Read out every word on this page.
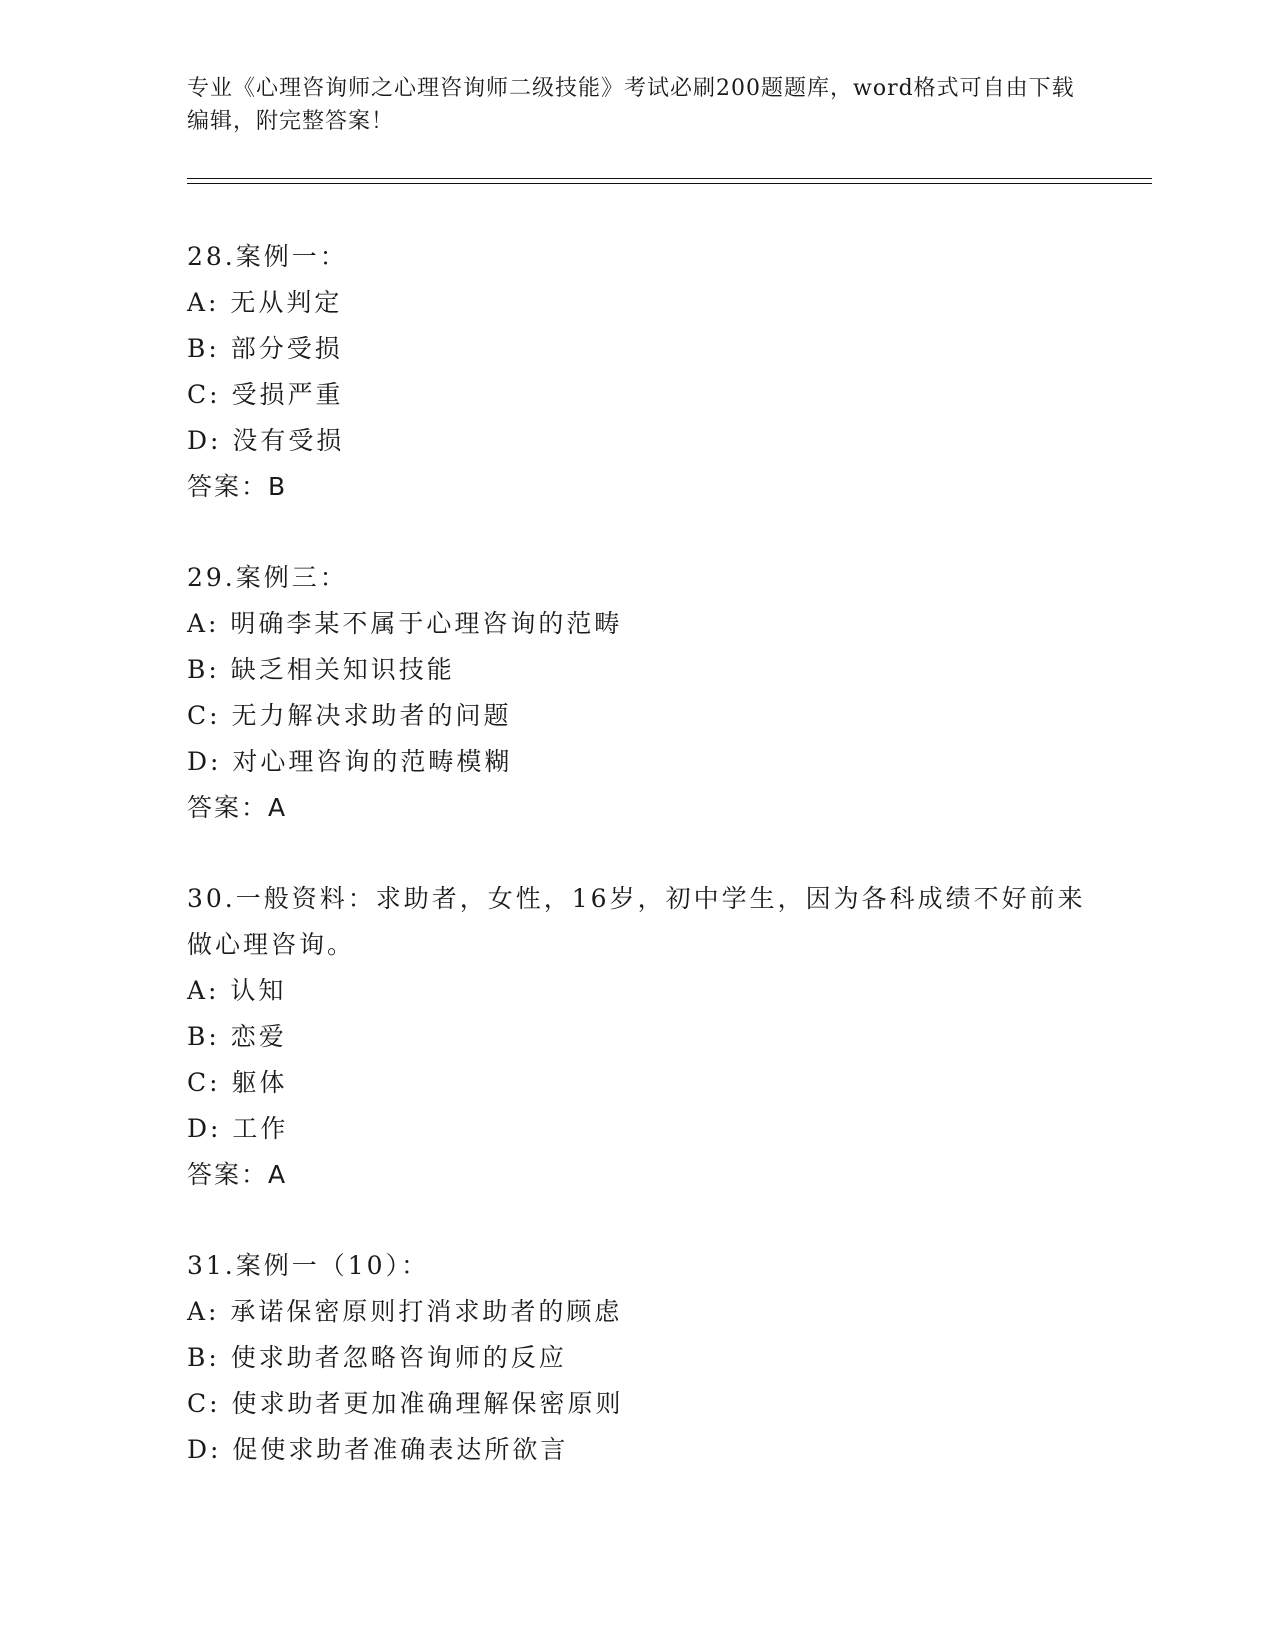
专业《心理咨询师之心理咨询师二级技能》考试必刷200题题库，word格式可自由下载编辑，附完整答案！
28.案例一：
A: 无从判定
B: 部分受损
C: 受损严重
D: 没有受损
答案：B
29.案例三：
A: 明确李某不属于心理咨询的范畴
B: 缺乏相关知识技能
C: 无力解决求助者的问题
D: 对心理咨询的范畴模糊
答案：A
30.一般资料：求助者，女性，16岁，初中学生，因为各科成绩不好前来做心理咨询。
A: 认知
B: 恋爱
C: 躯体
D: 工作
答案：A
31.案例一（10）：
A: 承诺保密原则打消求助者的顾虑
B: 使求助者忽略咨询师的反应
C: 使求助者更加准确理解保密原则
D: 促使求助者准确表达所欲言
